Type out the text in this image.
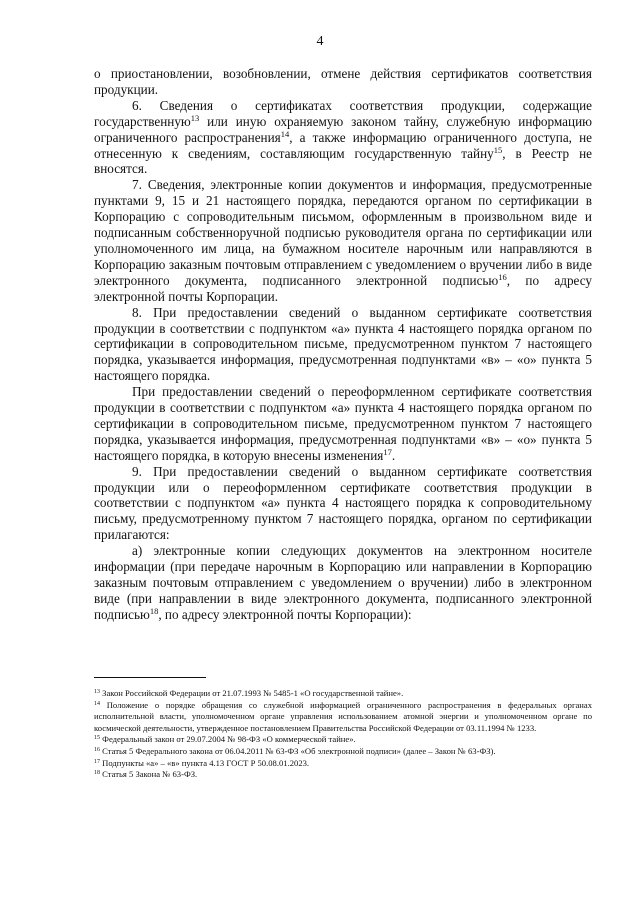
4

о приостановлении, возобновлении, отмене действия сертификатов соответствия продукции.

6. Сведения о сертификатах соответствия продукции, содержащие государственную$^{13}$ или иную охраняемую законом тайну, служебную информацию ограниченного распространения$^{14}$, а также информацию ограниченного доступа, не отнесенную к сведениям, составляющим государственную тайну$^{15}$, в Реестр не вносятся.

7. Сведения, электронные копии документов и информация, предусмотренные пунктами 9, 15 и 21 настоящего порядка, передаются органом по сертификации в Корпорацию с сопроводительным письмом, оформленным в произвольном виде и подписанным собственноручной подписью руководителя органа по сертификации или уполномоченного им лица, на бумажном носителе нарочным или направляются в Корпорацию заказным почтовым отправлением с уведомлением о вручении либо в виде электронного документа, подписанного электронной подписью$^{16}$, по адресу электронной почты Корпорации.

8. При предоставлении сведений о выданном сертификате соответствия продукции в соответствии с подпунктом «а» пункта 4 настоящего порядка органом по сертификации в сопроводительном письме, предусмотренном пунктом 7 настоящего порядка, указывается информация, предусмотренная подпунктами «в» – «о» пункта 5 настоящего порядка.

При предоставлении сведений о переоформленном сертификате соответствия продукции в соответствии с подпунктом «а» пункта 4 настоящего порядка органом по сертификации в сопроводительном письме, предусмотренном пунктом 7 настоящего порядка, указывается информация, предусмотренная подпунктами «в» – «о» пункта 5 настоящего порядка, в которую внесены изменения$^{17}$.

9. При предоставлении сведений о выданном сертификате соответствия продукции или о переоформленном сертификате соответствия продукции в соответствии с подпунктом «а» пункта 4 настоящего порядка к сопроводительному письму, предусмотренному пунктом 7 настоящего порядка, органом по сертификации прилагаются:

а) электронные копии следующих документов на электронном носителе информации (при передаче нарочным в Корпорацию или направлении в Корпорацию заказным почтовым отправлением с уведомлением о вручении) либо в электронном виде (при направлении в виде электронного документа, подписанного электронной подписью$^{18}$, по адресу электронной почты Корпорации):

$^{13}$ Закон Российской Федерации от 21.07.1993 № 5485-1 «О государственной тайне».

$^{14}$ Положение о порядке обращения со служебной информацией ограниченного распространения в федеральных органах исполнительной власти, уполномоченном органе управления использованием атомной энергии и уполномоченном органе по космической деятельности, утвержденное постановлением Правительства Российской Федерации от 03.11.1994 № 1233.

$^{15}$ Федеральный закон от 29.07.2004 № 98-ФЗ «О коммерческой тайне».

$^{16}$ Статья 5 Федерального закона от 06.04.2011 № 63-ФЗ «Об электронной подписи» (далее – Закон № 63-ФЗ).

$^{17}$ Подпункты «а» – «в» пункта 4.13 ГОСТ Р 50.08.01.2023.

$^{18}$ Статья 5 Закона № 63-ФЗ.
